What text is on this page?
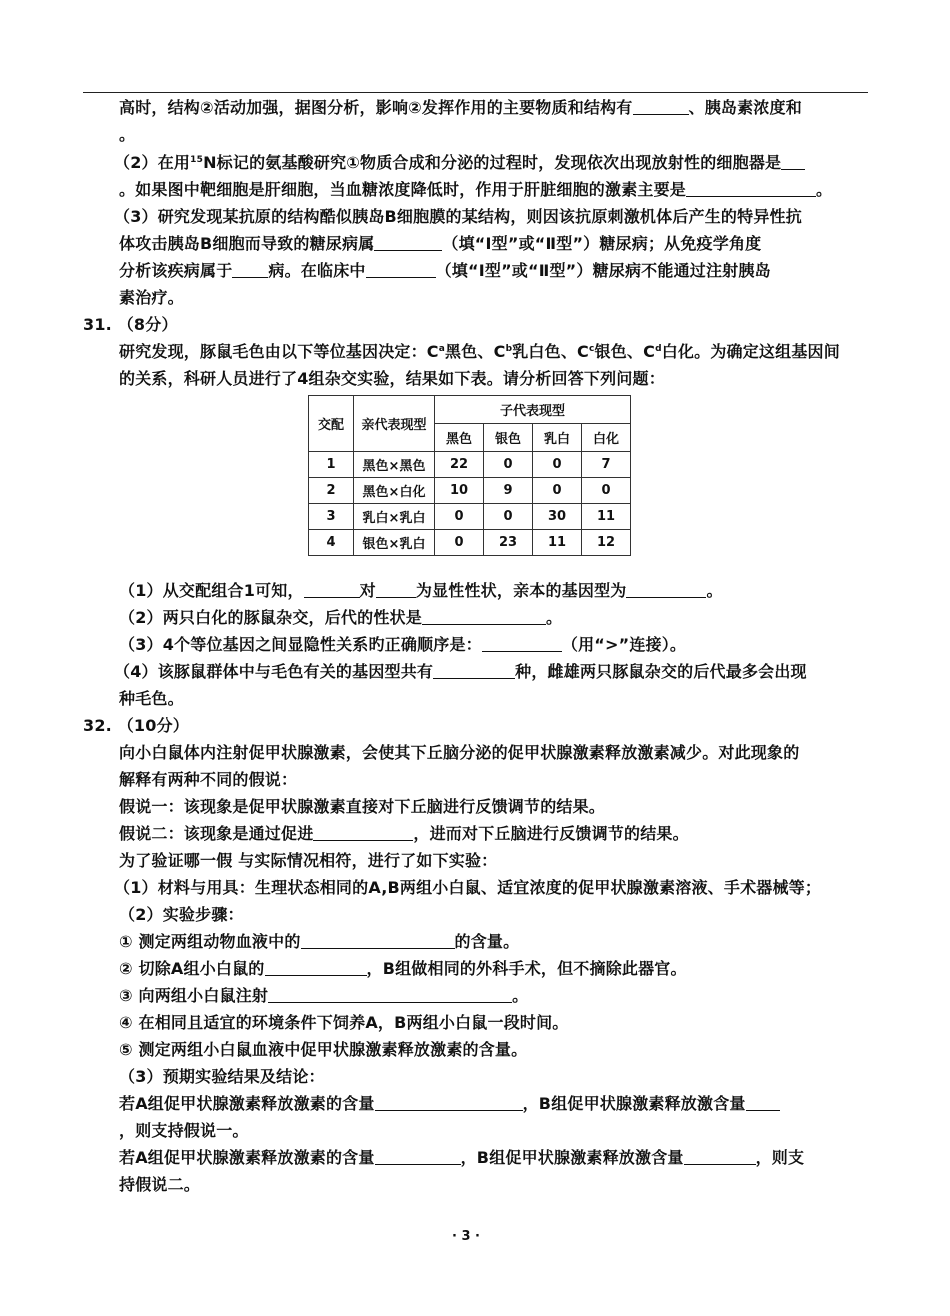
高时，结构②活动加强，据图分析，影响②发挥作用的主要物质和结构有	、胰岛素浓度和
。
（2）在用$^{15}$N标记的氨基酸研究①物质合成和分泌的过程时，发现依次出现放射性的细胞器是
。如果图中靶细胞是肝细胞，当血糖浓度降低时，作用于肝脏细胞的激素主要是	。
（3）研究发现某抗原的结构酷似胰岛B细胞膜的某结构，则因该抗原刺激机体后产生的特异性抗
体攻击胰岛B细胞而导致的糖尿病属	（填“Ⅰ型”或“Ⅱ型”）糖尿病；从免疫学角度
分析该疾病属于 病。在临床中	（填“Ⅰ型”或“Ⅱ型”）糖尿病不能通过注射胰岛
素治疗。
31. （8分）
研究发现，豚鼠毛色由以下等位基因决定：$C^a$黑色、$C^b$乳白色、$C^c$银色、$C^d$白化。为确定这组基因间
的关系，科研人员进行了4组杂交实验，结果如下表。请分析回答下列问题：
交配	亲代表现型	子代表现型			
		黑色	银色	乳白	白化
1	黑色×黑色	22	0	0	7
2	黑色×白化	10	9	0	0
3	乳白×乳白	0	0	30	11
4	银色×乳白	0	23	11	12
（1）从交配组合1可知，	对	为显性性状，亲本的基因型为	。
（2）两只白化的豚鼠杂交，后代的性状是	。
（3）4个等位基因之间显隐性关系旳正确顺序是：	（用“>”连接）。
（4）该豚鼠群体中与毛色有关的基因型共有	种，雌雄两只豚鼠杂交的后代最多会出现
种毛色。
32. （10分）
向小白鼠体内注射促甲状腺激素，会使其下丘脑分泌的促甲状腺激素释放激素减少。对此现象的
解释有两种不同的假说：
假说一：该现象是促甲状腺激素直接对下丘脑进行反馈调节的结果。
假说二：该现象是通过促进	，进而对下丘脑进行反馈调节的结果。
为了验证哪一假 与实际情况相符，进行了如下实验：
（1）材料与用具：生理状态相同的A,B两组小白鼠、适宜浓度的促甲状腺激素溶液、手术器械等；
（2）实验步骤：
① 测定两组动物血液中的	的含量。
② 切除A组小白鼠的	，B组做相同的外科手术，但不摘除此器官。
③ 向两组小白鼠注射	。
④ 在相同且适宜的环境条件下饲养A，B两组小白鼠一段时间。
⑤ 测定两组小白鼠血液中促甲状腺激素释放激素的含量。
（3）预期实验结果及结论：
若A组促甲状腺激素释放激素的含量	，B组促甲状腺激素释放激含量
，则支持假说一。
若A组促甲状腺激素释放激素的含量	，B组促甲状腺激素释放激含量	，则支
持假说二。
· 3 ·
